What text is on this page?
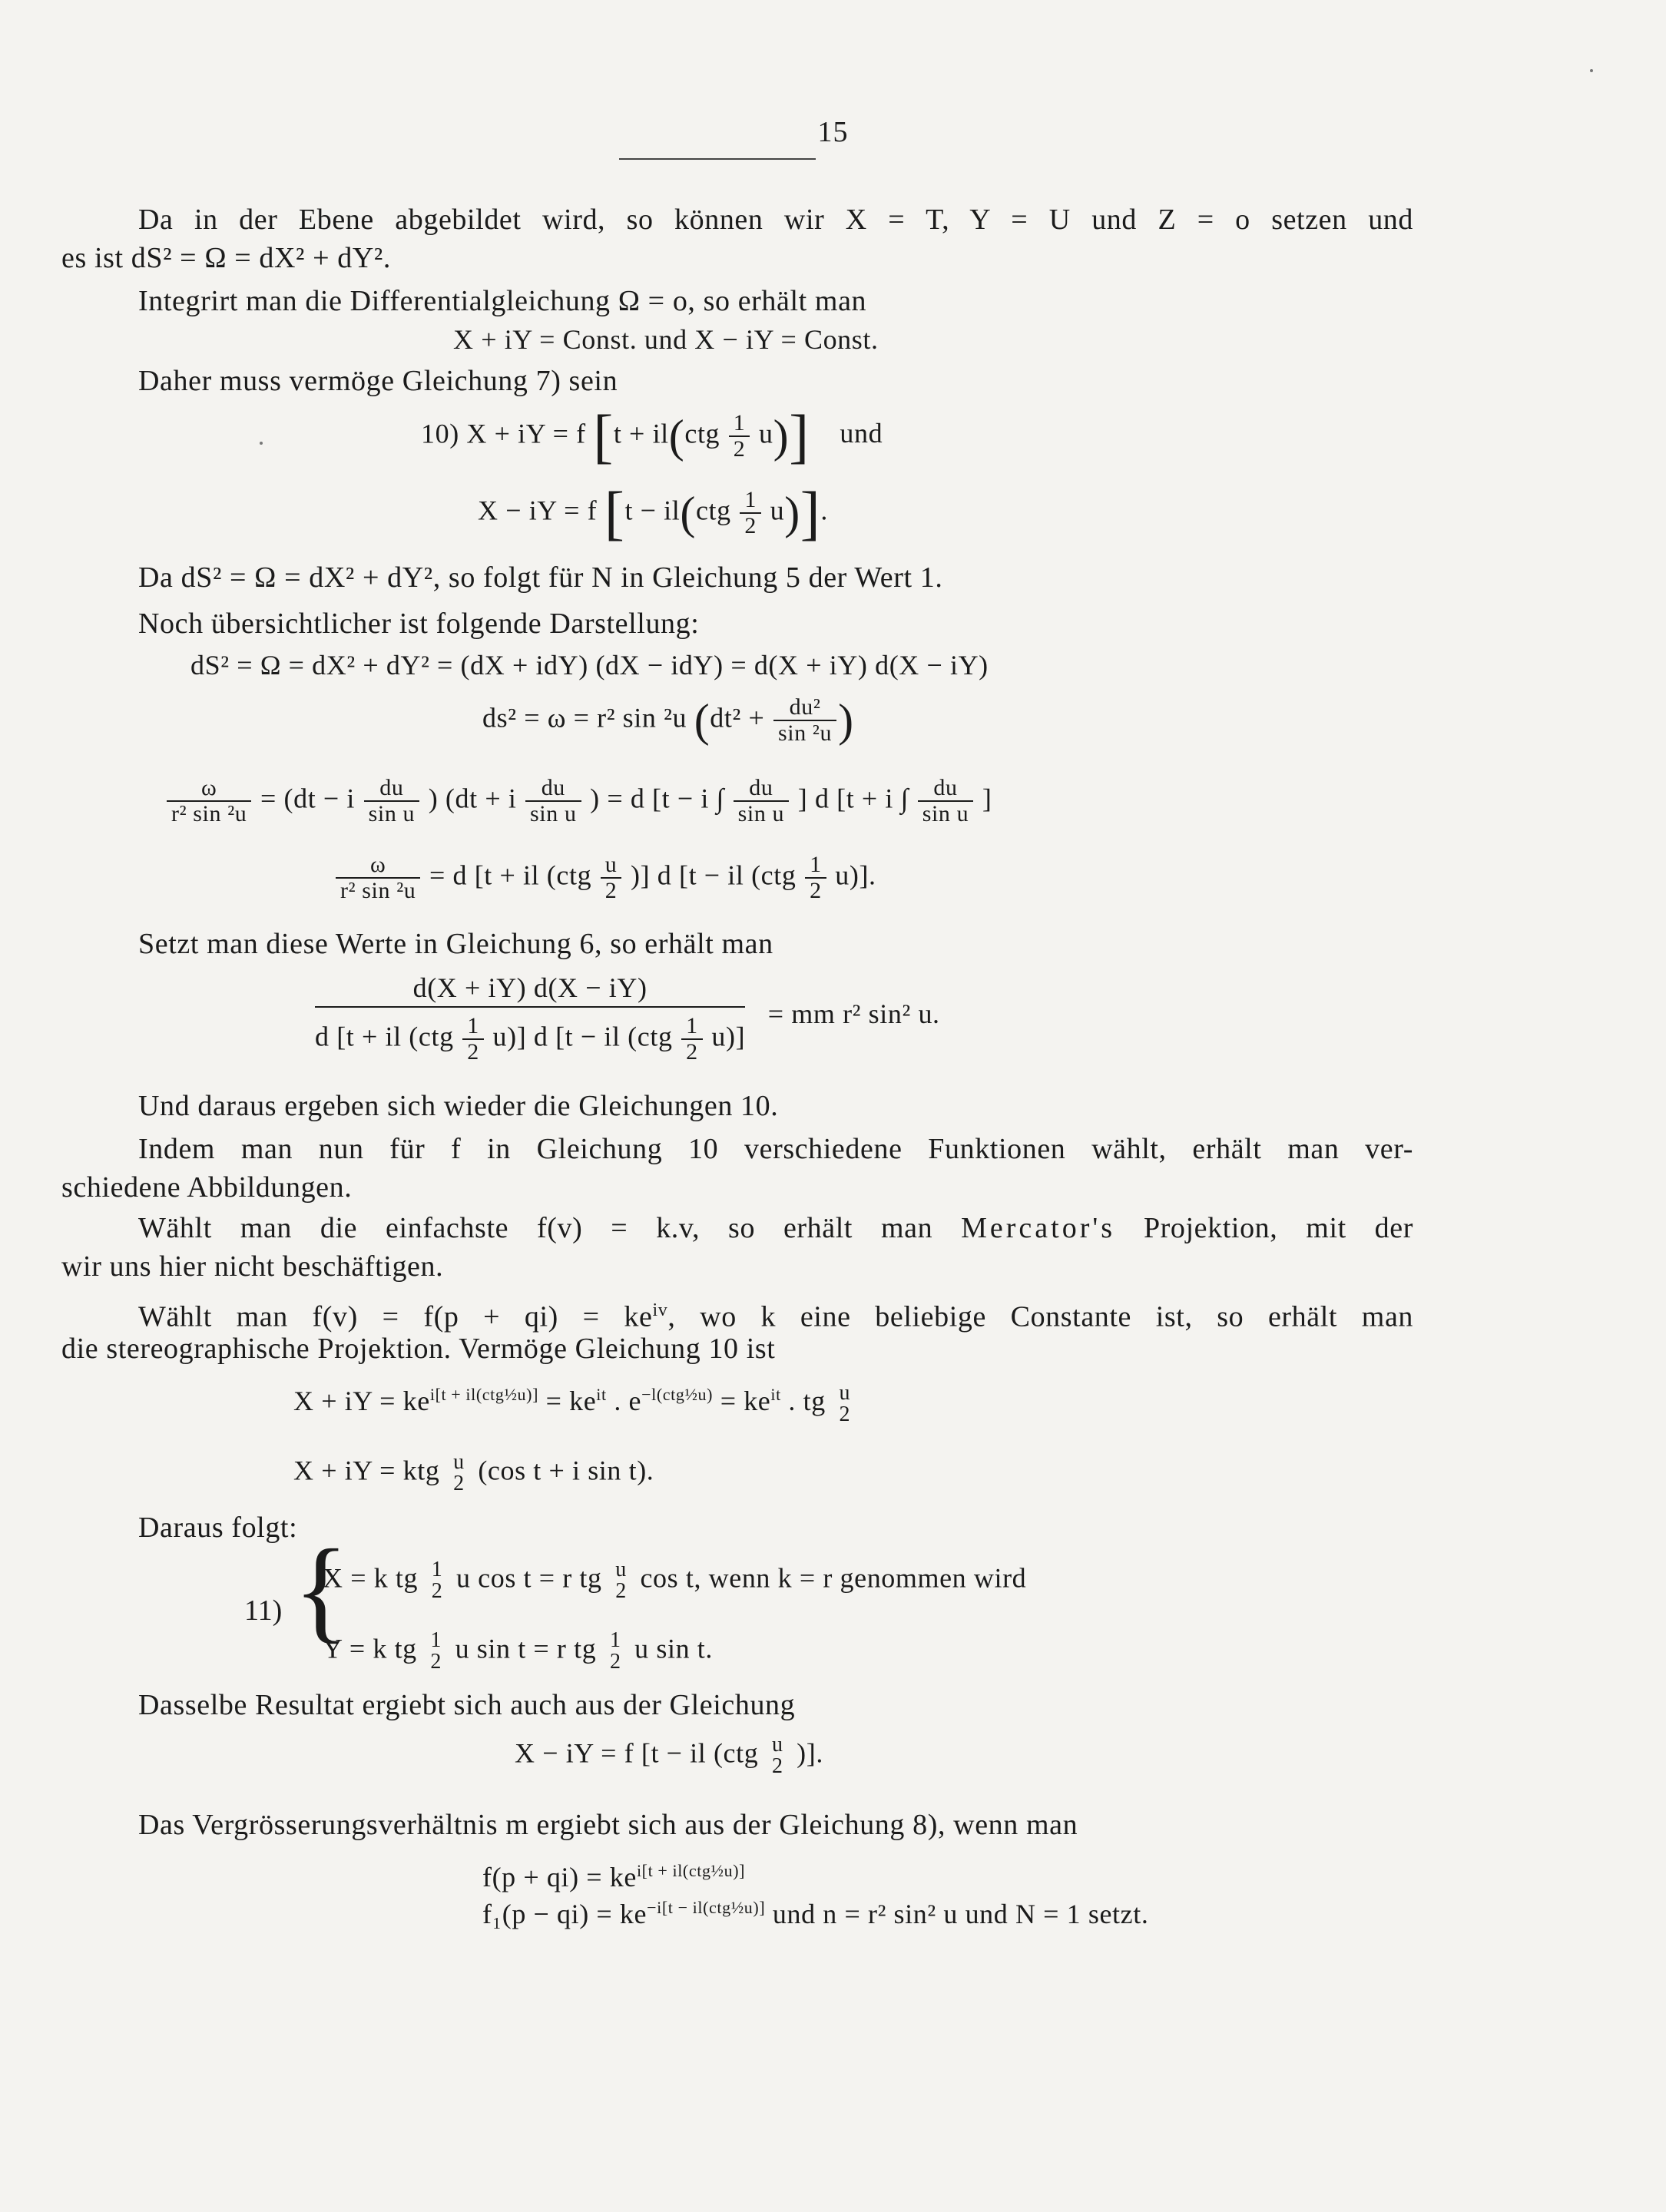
15
Da in der Ebene abgebildet wird, so können wir X = T, Y = U und Z = o setzen und
es ist dS² = Ω = dX² + dY².
Integrirt man die Differentialgleichung Ω = o, so erhält man
X + iY = Const. und X − iY = Const.
Daher muss vermöge Gleichung 7) sein
10) X + iY = f $[t + il(ctg \frac{1}{2} u)]$ und
X − iY = f $[t - il(ctg \frac{1}{2} u)]$.
Da dS² = Ω = dX² + dY², so folgt für N in Gleichung 5 der Wert 1.
Noch übersichtlicher ist folgende Darstellung:
dS² = Ω = dX² + dY² = (dX + idY) (dX − idY) = d(X + iY) d(X − iY)
ds² = ω = r² sin ²u ($dt^2 + \frac{\text{du²}}{\text{sin ²u}}$ )
$\frac{\omega}{\text{r² sin ²u}} = (dt - i \frac{du}{\text{sin u}}$ ) (dt + i $\frac{du}{\text{sin u}}$ ) = d [t − i ∫ $\frac{du}{\text{sin u}}$ ] d [t + i ∫ $\frac{du}{\text{sin u}}$ ]
$\frac{\omega}{\text{r² sin ²u}} = d$ [t + il ($ctg \frac{u}{2}$ )] d [t − il $(ctg \frac{1}{2} u)$].
Setzt man diese Werte in Gleichung 6, so erhält man
d(X + iY) d(X − iY)
d [t + il $(ctg \frac{1}{2} u)$] d [t − il $(ctg \frac{1}{2} u)$]
= mm r² sin² u.
Und daraus ergeben sich wieder die Gleichungen 10.
Indem man nun für f in Gleichung 10 verschiedene Funktionen wählt, erhält man ver-
schiedene Abbildungen.
Wählt man die einfachste f(v) = k.v, so erhält man Mercator's Projektion, mit der
wir uns hier nicht beschäftigen.
Wählt man $f(v) = f(p + qi) = ke^{iv}$, wo k eine beliebige Constante ist, so erhält man
die stereographische Projektion. Vermöge Gleichung 10 ist
X + iY = $ke^{i[t + il(ctg\frac{1}{2}u)]} = ke^{it}$ . $e^{-l(ctg\frac{1}{2}u)} = ke^{it}$ . tg u
2
X + iY = ktg u
2 (cos t + i sin t).
Daraus folgt:
11) {
X = k tg 1
2 u cos t = r tg u
2 cos t, wenn k = r genommen wird
Y = k tg 1
2 u sin t = r tg 1
2 u sin t.
Dasselbe Resultat ergiebt sich auch aus der Gleichung
X − iY = f [t − il (ctg u
2 )].
Das Vergrösserungsverhältnis m ergiebt sich aus der Gleichung 8), wenn man
$f(p + qi) = ke^{i[t + il(ctg\frac{1}{2}u)]}$
$f_1(p - qi) = ke^{-i[t - il(ctg\frac{1}{2}u)]}$ und n = r² sin² u und N = 1 setzt.
